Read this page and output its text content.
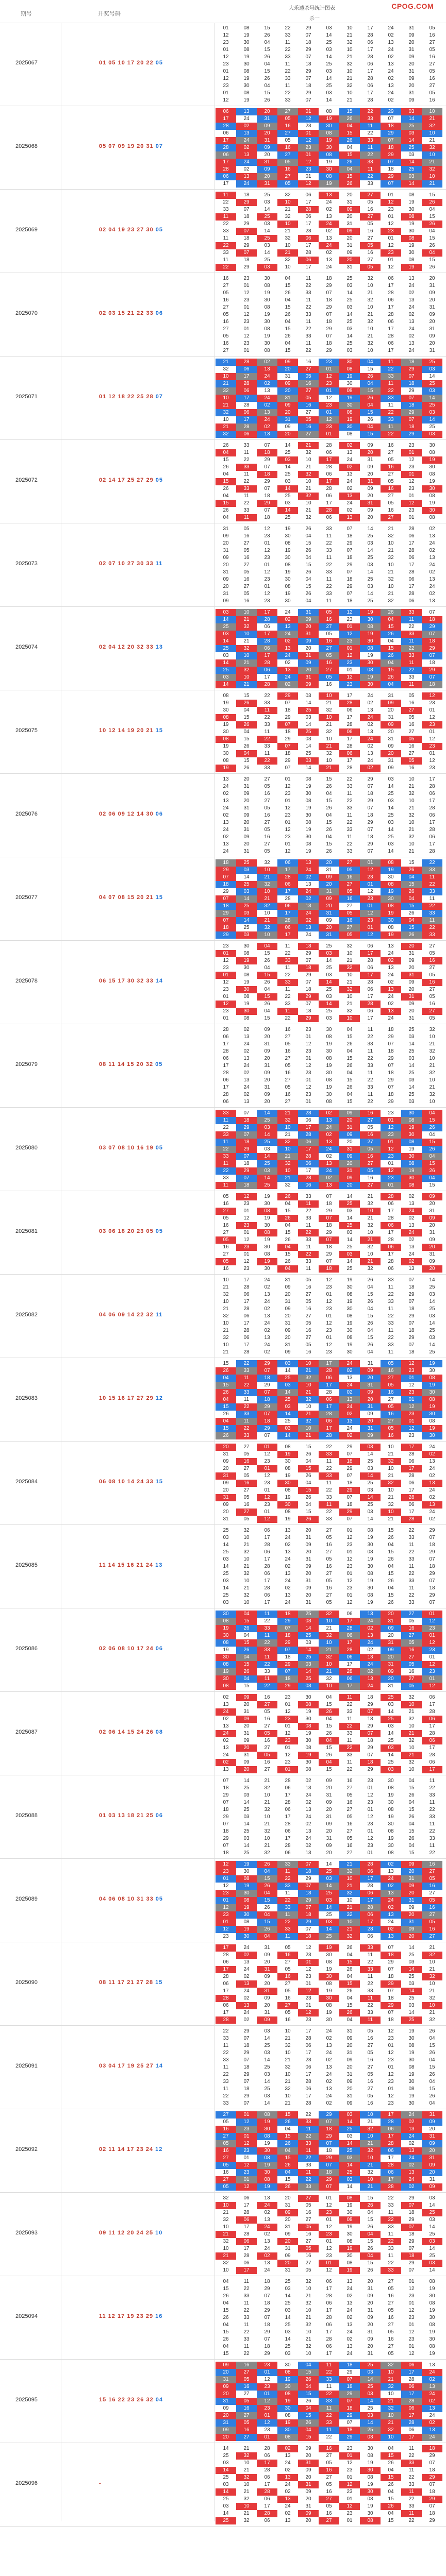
期号	开奖号码
大乐透杀号统计图表
杀一
CPOG.COM
2025067	01 05 10 17 20 22 05
01	08	15	22	29	03	10	17	24	31	05
12	19	26	33	07	14	21	28	02	09	16
23	30	04	11	18	25	32	06	13	20	27
01	08	15	22	29	03	10	17	24	31	05
12	19	26	33	07	14	21	28	02	09	16
23	30	04	11	18	25	32	06	13	20	27
01	08	15	22	29	03	10	17	24	31	05
12	19	26	33	07	14	21	28	02	09	16
23	30	04	11	18	25	32	06	13	20	27
01	08	15	22	29	03	10	17	24	31	05
12	19	26	33	07	14	21	28	02	09	16
2025068	05 07 09 19 20 31 07
06	13	20	27	01	08	15	22	29	03	10
17	24	31	05	12	19	26	33	07	14	21
28	02	09	16	23	30	04	11	18	25	32
06	13	20	27	01	08	15	22	29	03	10
17	24	31	05	12	19	26	33	07	14	21
28	02	09	16	23	30	04	11	18	25	32
06	13	20	27	01	08	15	22	29	03	10
17	24	31	05	12	19	26	33	07	14	21
28	02	09	16	23	30	04	11	18	25	32
06	13	20	27	01	08	15	22	29	03	10
17	24	31	05	12	19	26	33	07	14	21
2025069	02 04 19 23 27 30 05
11	18	25	32	06	13	20	27	01	08	15
22	29	03	10	17	24	31	05	12	19	26
33	07	14	21	28	02	09	16	23	30	04
11	18	25	32	06	13	20	27	01	08	15
22	29	03	10	17	24	31	05	12	19	26
33	07	14	21	28	02	09	16	23	30	04
11	18	25	32	06	13	20	27	01	08	15
22	29	03	10	17	24	31	05	12	19	26
33	07	14	21	28	02	09	16	23	30	04
11	18	25	32	06	13	20	27	01	08	15
22	29	03	10	17	24	31	05	12	19	26
2025070	02 03 15 21 22 33 06
16	23	30	04	11	18	25	32	06	13	20
27	01	08	15	22	29	03	10	17	24	31
05	12	19	26	33	07	14	21	28	02	09
16	23	30	04	11	18	25	32	06	13	20
27	01	08	15	22	29	03	10	17	24	31
05	12	19	26	33	07	14	21	28	02	09
16	23	30	04	11	18	25	32	06	13	20
27	01	08	15	22	29	03	10	17	24	31
05	12	19	26	33	07	14	21	28	02	09
16	23	30	04	11	18	25	32	06	13	20
27	01	08	15	22	29	03	10	17	24	31
2025071	01 12 18 22 25 28 07
21	28	02	09	16	23	30	04	11	18	25
32	06	13	20	27	01	08	15	22	29	03
10	17	24	31	05	12	19	26	33	07	14
21	28	02	09	16	23	30	04	11	18	25
32	06	13	20	27	01	08	15	22	29	03
10	17	24	31	05	12	19	26	33	07	14
21	28	02	09	16	23	30	04	11	18	25
32	06	13	20	27	01	08	15	22	29	03
10	17	24	31	05	12	19	26	33	07	14
21	28	02	09	16	23	30	04	11	18	25
32	06	13	20	27	01	08	15	22	29	03
2025072	02 14 17 25 27 29 05
26	33	07	14	21	28	02	09	16	23	30
04	11	18	25	32	06	13	20	27	01	08
15	22	29	03	10	17	24	31	05	12	19
26	33	07	14	21	28	02	09	16	23	30
04	11	18	25	32	06	13	20	27	01	08
15	22	29	03	10	17	24	31	05	12	19
26	33	07	14	21	28	02	09	16	23	30
04	11	18	25	32	06	13	20	27	01	08
15	22	29	03	10	17	24	31	05	12	19
26	33	07	14	21	28	02	09	16	23	30
04	11	18	25	32	06	13	20	27	01	08
2025073	02 07 10 27 30 33 11
31	05	12	19	26	33	07	14	21	28	02
09	16	23	30	04	11	18	25	32	06	13
20	27	01	08	15	22	29	03	10	17	24
31	05	12	19	26	33	07	14	21	28	02
09	16	23	30	04	11	18	25	32	06	13
20	27	01	08	15	22	29	03	10	17	24
31	05	12	19	26	33	07	14	21	28	02
09	16	23	30	04	11	18	25	32	06	13
20	27	01	08	15	22	29	03	10	17	24
31	05	12	19	26	33	07	14	21	28	02
09	16	23	30	04	11	18	25	32	06	13
2025074	02 04 12 20 32 33 13
03	10	17	24	31	05	12	19	26	33	07
14	21	28	02	09	16	23	30	04	11	18
25	32	06	13	20	27	01	08	15	22	29
03	10	17	24	31	05	12	19	26	33	07
14	21	28	02	09	16	23	30	04	11	18
25	32	06	13	20	27	01	08	15	22	29
03	10	17	24	31	05	12	19	26	33	07
14	21	28	02	09	16	23	30	04	11	18
25	32	06	13	20	27	01	08	15	22	29
03	10	17	24	31	05	12	19	26	33	07
14	21	28	02	09	16	23	30	04	11	18
2025075	10 12 14 19 20 21 15
08	15	22	29	03	10	17	24	31	05	12
19	26	33	07	14	21	28	02	09	16	23
30	04	11	18	25	32	06	13	20	27	01
08	15	22	29	03	10	17	24	31	05	12
19	26	33	07	14	21	28	02	09	16	23
30	04	11	18	25	32	06	13	20	27	01
08	15	22	29	03	10	17	24	31	05	12
19	26	33	07	14	21	28	02	09	16	23
30	04	11	18	25	32	06	13	20	27	01
08	15	22	29	03	10	17	24	31	05	12
19	26	33	07	14	21	28	02	09	16	23
2025076	02 06 09 12 14 30 06
13	20	27	01	08	15	22	29	03	10	17
24	31	05	12	19	26	33	07	14	21	28
02	09	16	23	30	04	11	18	25	32	06
13	20	27	01	08	15	22	29	03	10	17
24	31	05	12	19	26	33	07	14	21	28
02	09	16	23	30	04	11	18	25	32	06
13	20	27	01	08	15	22	29	03	10	17
24	31	05	12	19	26	33	07	14	21	28
02	09	16	23	30	04	11	18	25	32	06
13	20	27	01	08	15	22	29	03	10	17
24	31	05	12	19	26	33	07	14	21	28
2025077	04 07 08 15 20 21 15
18	25	32	06	13	20	27	01	08	15	22
29	03	10	17	24	31	05	12	19	26	33
07	14	21	28	02	09	16	23	30	04	11
18	25	32	06	13	20	27	01	08	15	22
29	03	10	17	24	31	05	12	19	26	33
07	14	21	28	02	09	16	23	30	04	11
18	25	32	06	13	20	27	01	08	15	22
29	03	10	17	24	31	05	12	19	26	33
07	14	21	28	02	09	16	23	30	04	11
18	25	32	06	13	20	27	01	08	15	22
29	03	10	17	24	31	05	12	19	26	33
2025078	06 15 17 30 32 33 14
23	30	04	11	18	25	32	06	13	20	27
01	08	15	22	29	03	10	17	24	31	05
12	19	26	33	07	14	21	28	02	09	16
23	30	04	11	18	25	32	06	13	20	27
01	08	15	22	29	03	10	17	24	31	05
12	19	26	33	07	14	21	28	02	09	16
23	30	04	11	18	25	32	06	13	20	27
01	08	15	22	29	03	10	17	24	31	05
12	19	26	33	07	14	21	28	02	09	16
23	30	04	11	18	25	32	06	13	20	27
01	08	15	22	29	03	10	17	24	31	05
2025079	08 11 14 15 20 32 05
28	02	09	16	23	30	04	11	18	25	32
06	13	20	27	01	08	15	22	29	03	10
17	24	31	05	12	19	26	33	07	14	21
28	02	09	16	23	30	04	11	18	25	32
06	13	20	27	01	08	15	22	29	03	10
17	24	31	05	12	19	26	33	07	14	21
28	02	09	16	23	30	04	11	18	25	32
06	13	20	27	01	08	15	22	29	03	10
17	24	31	05	12	19	26	33	07	14	21
28	02	09	16	23	30	04	11	18	25	32
06	13	20	27	01	08	15	22	29	03	10
2025080	03 07 08 10 16 19 05
33	07	14	21	28	02	09	16	23	30	04
11	18	25	32	06	13	20	27	01	08	15
22	29	03	10	17	24	31	05	12	19	26
33	07	14	21	28	02	09	16	23	30	04
11	18	25	32	06	13	20	27	01	08	15
22	29	03	10	17	24	31	05	12	19	26
33	07	14	21	28	02	09	16	23	30	04
11	18	25	32	06	13	20	27	01	08	15
22	29	03	10	17	24	31	05	12	19	26
33	07	14	21	28	02	09	16	23	30	04
11	18	25	32	06	13	20	27	01	08	15
2025081	03 06 18 20 23 05 05
05	12	19	26	33	07	14	21	28	02	09
16	23	30	04	11	18	25	32	06	13	20
27	01	08	15	22	29	03	10	17	24	31
05	12	19	26	33	07	14	21	28	02	09
16	23	30	04	11	18	25	32	06	13	20
27	01	08	15	22	29	03	10	17	24	31
05	12	19	26	33	07	14	21	28	02	09
16	23	30	04	11	18	25	32	06	13	20
27	01	08	15	22	29	03	10	17	24	31
05	12	19	26	33	07	14	21	28	02	09
16	23	30	04	11	18	25	32	06	13	20
2025082	04 06 09 14 22 32 11
10	17	24	31	05	12	19	26	33	07	14
21	28	02	09	16	23	30	04	11	18	25
32	06	13	20	27	01	08	15	22	29	03
10	17	24	31	05	12	19	26	33	07	14
21	28	02	09	16	23	30	04	11	18	25
32	06	13	20	27	01	08	15	22	29	03
10	17	24	31	05	12	19	26	33	07	14
21	28	02	09	16	23	30	04	11	18	25
32	06	13	20	27	01	08	15	22	29	03
10	17	24	31	05	12	19	26	33	07	14
21	28	02	09	16	23	30	04	11	18	25
2025083	10 15 16 17 27 29 12
15	22	29	03	10	17	24	31	05	12	19
26	33	07	14	21	28	02	09	16	23	30
04	11	18	25	32	06	13	20	27	01	08
15	22	29	03	10	17	24	31	05	12	19
26	33	07	14	21	28	02	09	16	23	30
04	11	18	25	32	06	13	20	27	01	08
15	22	29	03	10	17	24	31	05	12	19
26	33	07	14	21	28	02	09	16	23	30
04	11	18	25	32	06	13	20	27	01	08
15	22	29	03	10	17	24	31	05	12	19
26	33	07	14	21	28	02	09	16	23	30
2025084	06 08 10 14 24 33 15
20	27	01	08	15	22	29	03	10	17	24
31	05	12	19	26	33	07	14	21	28	02
09	16	23	30	04	11	18	25	32	06	13
20	27	01	08	15	22	29	03	10	17	24
31	05	12	19	26	33	07	14	21	28	02
09	16	23	30	04	11	18	25	32	06	13
20	27	01	08	15	22	29	03	10	17	24
31	05	12	19	26	33	07	14	21	28	02
09	16	23	30	04	11	18	25	32	06	13
20	27	01	08	15	22	29	03	10	17	24
31	05	12	19	26	33	07	14	21	28	02
2025085	11 14 15 16 21 24 13
25	32	06	13	20	27	01	08	15	22	29
03	10	17	24	31	05	12	19	26	33	07
14	21	28	02	09	16	23	30	04	11	18
25	32	06	13	20	27	01	08	15	22	29
03	10	17	24	31	05	12	19	26	33	07
14	21	28	02	09	16	23	30	04	11	18
25	32	06	13	20	27	01	08	15	22	29
03	10	17	24	31	05	12	19	26	33	07
14	21	28	02	09	16	23	30	04	11	18
25	32	06	13	20	27	01	08	15	22	29
03	10	17	24	31	05	12	19	26	33	07
2025086	02 06 08 10 17 24 06
30	04	11	18	25	32	06	13	20	27	01
08	15	22	29	03	10	17	24	31	05	12
19	26	33	07	14	21	28	02	09	16	23
30	04	11	18	25	32	06	13	20	27	01
08	15	22	29	03	10	17	24	31	05	12
19	26	33	07	14	21	28	02	09	16	23
30	04	11	18	25	32	06	13	20	27	01
08	15	22	29	03	10	17	24	31	05	12
19	26	33	07	14	21	28	02	09	16	23
30	04	11	18	25	32	06	13	20	27	01
08	15	22	29	03	10	17	24	31	05	12
2025087	02 06 14 15 24 26 08
02	09	16	23	30	04	11	18	25	32	06
13	20	27	01	08	15	22	29	03	10	17
24	31	05	12	19	26	33	07	14	21	28
02	09	16	23	30	04	11	18	25	32	06
13	20	27	01	08	15	22	29	03	10	17
24	31	05	12	19	26	33	07	14	21	28
02	09	16	23	30	04	11	18	25	32	06
13	20	27	01	08	15	22	29	03	10	17
24	31	05	12	19	26	33	07	14	21	28
02	09	16	23	30	04	11	18	25	32	06
13	20	27	01	08	15	22	29	03	10	17
2025088	01 03 13 18 21 25 06
07	14	21	28	02	09	16	23	30	04	11
18	25	32	06	13	20	27	01	08	15	22
29	03	10	17	24	31	05	12	19	26	33
07	14	21	28	02	09	16	23	30	04	11
18	25	32	06	13	20	27	01	08	15	22
29	03	10	17	24	31	05	12	19	26	33
07	14	21	28	02	09	16	23	30	04	11
18	25	32	06	13	20	27	01	08	15	22
29	03	10	17	24	31	05	12	19	26	33
07	14	21	28	02	09	16	23	30	04	11
18	25	32	06	13	20	27	01	08	15	22
2025089	04 06 08 10 31 33 05
12	19	26	33	07	14	21	28	02	09	16
23	30	04	11	18	25	32	06	13	20	27
01	08	15	22	29	03	10	17	24	31	05
12	19	26	33	07	14	21	28	02	09	16
23	30	04	11	18	25	32	06	13	20	27
01	08	15	22	29	03	10	17	24	31	05
12	19	26	33	07	14	21	28	02	09	16
23	30	04	11	18	25	32	06	13	20	27
01	08	15	22	29	03	10	17	24	31	05
12	19	26	33	07	14	21	28	02	09	16
23	30	04	11	18	25	32	06	13	20	27
2025090	08 11 17 21 27 28 15
17	24	31	05	12	19	26	33	07	14	21
28	02	09	16	23	30	04	11	18	25	32
06	13	20	27	01	08	15	22	29	03	10
17	24	31	05	12	19	26	33	07	14	21
28	02	09	16	23	30	04	11	18	25	32
06	13	20	27	01	08	15	22	29	03	10
17	24	31	05	12	19	26	33	07	14	21
28	02	09	16	23	30	04	11	18	25	32
06	13	20	27	01	08	15	22	29	03	10
17	24	31	05	12	19	26	33	07	14	21
28	02	09	16	23	30	04	11	18	25	32
2025091	03 04 17 19 25 27 14
22	29	03	10	17	24	31	05	12	19	26
33	07	14	21	28	02	09	16	23	30	04
11	18	25	32	06	13	20	27	01	08	15
22	29	03	10	17	24	31	05	12	19	26
33	07	14	21	28	02	09	16	23	30	04
11	18	25	32	06	13	20	27	01	08	15
22	29	03	10	17	24	31	05	12	19	26
33	07	14	21	28	02	09	16	23	30	04
11	18	25	32	06	13	20	27	01	08	15
22	29	03	10	17	24	31	05	12	19	26
33	07	14	21	28	02	09	16	23	30	04
2025092	02 11 14 17 23 24 12
27	01	08	15	22	29	03	10	17	24	31
05	12	19	26	33	07	14	21	28	02	09
16	23	30	04	11	18	25	32	06	13	20
27	01	08	15	22	29	03	10	17	24	31
05	12	19	26	33	07	14	21	28	02	09
16	23	30	04	11	18	25	32	06	13	20
27	01	08	15	22	29	03	10	17	24	31
05	12	19	26	33	07	14	21	28	02	09
16	23	30	04	11	18	25	32	06	13	20
27	01	08	15	22	29	03	10	17	24	31
05	12	19	26	33	07	14	21	28	02	09
2025093	09 11 12 20 24 25 10
32	06	13	20	27	01	08	15	22	29	03
10	17	24	31	05	12	19	26	33	07	14
21	28	02	09	16	23	30	04	11	18	25
32	06	13	20	27	01	08	15	22	29	03
10	17	24	31	05	12	19	26	33	07	14
21	28	02	09	16	23	30	04	11	18	25
32	06	13	20	27	01	08	15	22	29	03
10	17	24	31	05	12	19	26	33	07	14
21	28	02	09	16	23	30	04	11	18	25
32	06	13	20	27	01	08	15	22	29	03
10	17	24	31	05	12	19	26	33	07	14
2025094	11 12 17 19 23 29 16
04	11	18	25	32	06	13	20	27	01	08
15	22	29	03	10	17	24	31	05	12	19
26	33	07	14	21	28	02	09	16	23	30
04	11	18	25	32	06	13	20	27	01	08
15	22	29	03	10	17	24	31	05	12	19
26	33	07	14	21	28	02	09	16	23	30
04	11	18	25	32	06	13	20	27	01	08
15	22	29	03	10	17	24	31	05	12	19
26	33	07	14	21	28	02	09	16	23	30
04	11	18	25	32	06	13	20	27	01	08
15	22	29	03	10	17	24	31	05	12	19
2025095	15 16 22 23 26 32 04
09	16	23	30	04	11	18	25	32	06	13
20	27	01	08	15	22	29	03	10	17	24
31	05	12	19	26	33	07	14	21	28	02
09	16	23	30	04	11	18	25	32	06	13
20	27	01	08	15	22	29	03	10	17	24
31	05	12	19	26	33	07	14	21	28	02
09	16	23	30	04	11	18	25	32	06	13
20	27	01	08	15	22	29	03	10	17	24
31	05	12	19	26	33	07	14	21	28	02
09	16	23	30	04	11	18	25	32	06	13
20	27	01	08	15	22	29	03	10	17	24
2025096	-
14	21	28	02	09	16	23	30	04	11	18
25	32	06	13	20	27	01	08	15	22	29
03	10	17	24	31	05	12	19	26	33	07
14	21	28	02	09	16	23	30	04	11	18
25	32	06	13	20	27	01	08	15	22	29
03	10	17	24	31	05	12	19	26	33	07
14	21	28	02	09	16	23	30	04	11	18
25	32	06	13	20	27	01	08	15	22	29
03	10	17	24	31	05	12	19	26	33	07
14	21	28	02	09	16	23	30	04	11	18
25	32	06	13	20	27	01	08	15	22	29
